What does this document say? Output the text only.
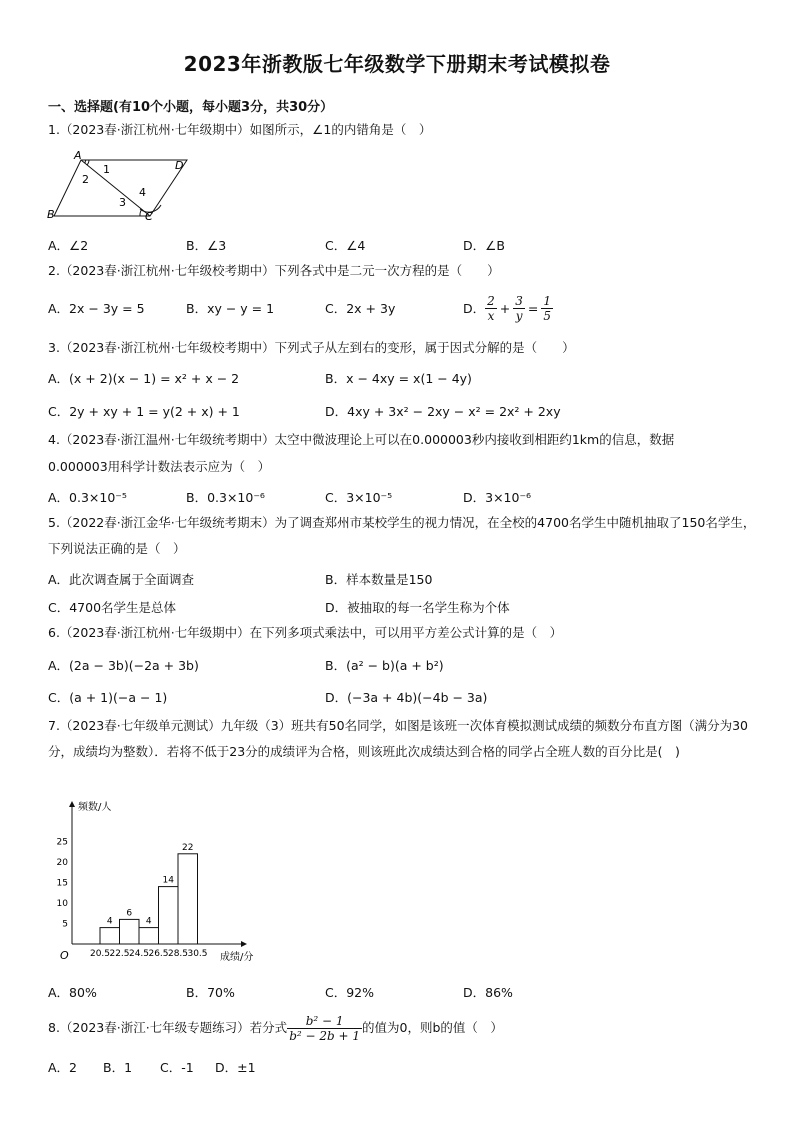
2023年浙教版七年级数学下册期末考试模拟卷
一、选择题(有10个小题，每小题3分，共30分）
1.（2023春·浙江杭州·七年级期中）如图所示，∠1的内错角是（　）
A
D
B	C
1
2
3
4
A．∠2	B．∠3	C．∠4	D．∠B
2.（2023春·浙江杭州·七年级校考期中）下列各式中是二元一次方程的是（　　）
A．2x − 3y = 5	B．xy − y = 1	C．2x + 3y	D． $\frac{2}{x} + \frac{3}{y} = \frac{1}{5}$
3.（2023春·浙江杭州·七年级校考期中）下列式子从左到右的变形，属于因式分解的是（　　）
A．(x + 2)(x − 1) = x² + x − 2	B．x − 4xy = x(1 − 4y)
C．2y + xy + 1 = y(2 + x) + 1	D．4xy + 3x² − 2xy − x² = 2x² + 2xy
4.（2023春·浙江温州·七年级统考期中）太空中微波理论上可以在0.000003秒内接收到相距约1km的信息，数据
0.000003用科学计数法表示应为（　）
A．0.3×10⁻⁵	B．0.3×10⁻⁶	C．3×10⁻⁵	D．3×10⁻⁶
5.（2022春·浙江金华·七年级统考期末）为了调查郑州市某校学生的视力情况，在全校的4700名学生中随机抽取了150名学生，下列说法正确的是（　）
A．此次调查属于全面调查	B．样本数量是150
C．4700名学生是总体	D．被抽取的每一名学生称为个体
6.（2023春·浙江杭州·七年级期中）在下列多项式乘法中，可以用平方差公式计算的是（　）
A．(2a − 3b)(−2a + 3b)	B．(a² − b)(a + b²)
C．(a + 1)(−a − 1)	D．(−3a + 4b)(−4b − 3a)
7.（2023春·七年级单元测试）九年级（3）班共有50名同学，如图是该班一次体育模拟测试成绩的频数分布直方图（满分为30分，成绩均为整数）．若将不低于23分的成绩评为合格，则该班此次成绩达到合格的同学占全班人数的百分比是(　)
频数/人
成绩/分
O
5
10
15
20
25
20.5 22.5 24.5 26.5 28.5 30.5
4
6
4
14
22
A．80%	B．70%	C．92%	D．86%
8.（2023春·浙江·七年级专题练习）若分式 $\frac{\text{b² − 1}}{\text{b² − 2b + 1}}$ 的值为0，则b的值（　）
A．2 B．1 C．-1 D．±1
